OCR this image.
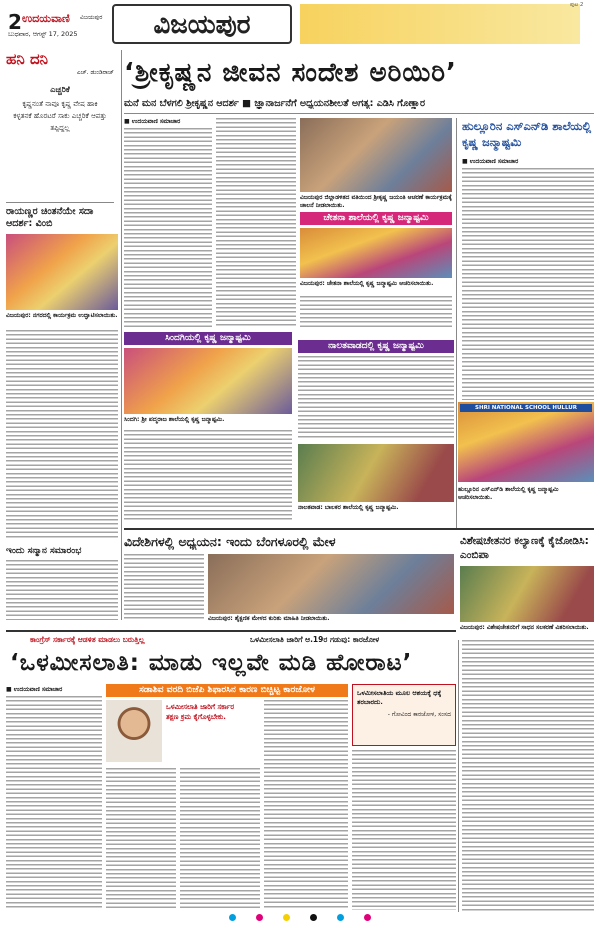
2 ಉದಯವಾಣಿ ವಿಜಯಪುರ
ಬುಧವಾರ, ಆಗಸ್ಟ್ 17, 2025	ವಿಜಯಪುರ
ಪುಟ 2
ಹನಿ ದನಿ
ಎಚ್. ಡುಂಡಿರಾಜ್
ಎಚ್ಚರಿಕೆ
ಕೃಷ್ಣನಂತೆ ನಾವೂ ಕೃಷ್ಣ ವೇಷ ಹಾಕಿ ಕಳ್ಳತನಕೆ ಹೊರಟರೆ ಸಾಕು ಎಚ್ಚರಿಕೆ ಆಪತ್ತು ತಪ್ಪಿದ್ದಲ್ಲ
ರಾಯಣ್ಣರ ಚಿಂತನೆಯೇ ಸದಾ ಆದರ್ಶ: ವಿಂಬಿ
ವಿಜಯಪುರ: ನಗರದಲ್ಲಿ ಕಾರ್ಯಕ್ರಮ ಉದ್ಘಾಟಿಸಲಾಯಿತು.
ಇಂದು ಸನ್ಮಾನ ಸಮಾರಂಭ
‘ಶ್ರೀಕೃಷ್ಣನ ಜೀವನ ಸಂದೇಶ ಅರಿಯಿರಿ’
ಮನೆ ಮನ ಬೆಳಗಲಿ ಶ್ರೀಕೃಷ್ಣನ ಆದರ್ಶ ■ ಜ್ಞಾನಾರ್ಜನೆಗೆ ಅಧ್ಯಯನಶೀಲತೆ ಅಗತ್ಯ: ಎಡಿಸಿ ಗೊಣ್ಣಾರ
■ ಉದಯವಾಣಿ ಸಮಾಚಾರ
ವಿಜಯಪುರ ಜಿಲ್ಲಾಡಳಿತದ ವತಿಯಿಂದ ಶ್ರೀಕೃಷ್ಣ ಜಯಂತಿ ಆಚರಣೆ ಕಾರ್ಯಕ್ರಮಕ್ಕೆ ಚಾಲನೆ ನೀಡಲಾಯಿತು.
ಚೇತನಾ ಶಾಲೆಯಲ್ಲಿ ಕೃಷ್ಣ ಜನ್ಮಾಷ್ಟಮಿ
ವಿಜಯಪುರ: ಚೇತನಾ ಶಾಲೆಯಲ್ಲಿ ಕೃಷ್ಣ ಜನ್ಮಾಷ್ಟಮಿ ಆಚರಿಸಲಾಯಿತು.
ಸಿಂದಗಿಯಲ್ಲಿ ಕೃಷ್ಣ ಜನ್ಮಾಷ್ಟಮಿ
ಸಿಂದಗಿ: ಶ್ರೀ ಪದ್ಮರಾಜ ಶಾಲೆಯಲ್ಲಿ ಕೃಷ್ಣ ಜನ್ಮಾಷ್ಟಮಿ.
ನಾಲತವಾಡದಲ್ಲಿ ಕೃಷ್ಣ ಜನ್ಮಾಷ್ಟಮಿ
ನಾಲತವಾಡ: ಬಾಲಕರ ಶಾಲೆಯಲ್ಲಿ ಕೃಷ್ಣ ಜನ್ಮಾಷ್ಟಮಿ.
ಹುಲ್ಲೂರಿನ ಎಸ್‌ಎನ್‌ಡಿ ಶಾಲೆಯಲ್ಲಿ ಕೃಷ್ಣ ಜನ್ಮಾಷ್ಟಮಿ
■ ಉದಯವಾಣಿ ಸಮಾಚಾರ
SHRI NATIONAL SCHOOL HULLUR
ಹುಲ್ಲೂರಿನ ಎಸ್‌ಎನ್‌ಡಿ ಶಾಲೆಯಲ್ಲಿ ಕೃಷ್ಣ ಜನ್ಮಾಷ್ಟಮಿ ಆಚರಿಸಲಾಯಿತು.
ವಿದೇಶಿಗಳಲ್ಲಿ ಅಧ್ಯಯನ: ಇಂದು ಬೆಂಗಳೂರಲ್ಲಿ ಮೇಳ
ವಿಜಯಪುರ: ಶೈಕ್ಷಣಿಕ ಮೇಳದ ಕುರಿತು ಮಾಹಿತಿ ನೀಡಲಾಯಿತು.
ವಿಶೇಷಚೇತನರ ಕಲ್ಯಾಣಕ್ಕೆ ಕೈಜೋಡಿಸಿ: ಎಂಬಿಪಾ
ವಿಜಯಪುರ: ವಿಶೇಷಚೇತನರಿಗೆ ಸಾಧನ ಸಲಕರಣೆ ವಿತರಿಸಲಾಯಿತು.
ಕಾಂಗ್ರೆಸ್ ಸರ್ಕಾರಕ್ಕೆ ಆಡಳಿತ ಮಾಡಲು ಬರುತ್ತಿಲ್ಲ	ಒಳಮೀಸಲಾತಿ ಜಾರಿಗೆ ಆ.19ರ ಗಡುವು: ಕಾರಜೋಳ
‘ಒಳಮೀಸಲಾತಿ: ಮಾಡು ಇಲ್ಲವೇ ಮಡಿ ಹೋರಾಟ’
■ ಉದಯವಾಣಿ ಸಮಾಚಾರ	ಸಡಾಶಿವ ವರದಿ ಬಿಜೆಪಿ ಶಿಫಾರಸಿನ ಕಾರಣ ಬಿಚ್ಚಿಟ್ಟ ಕಾರಜೋಳ
ಒಳಮೀಸಲಾತಿ ಜಾರಿಗೆ ಸರ್ಕಾರ ತಕ್ಷಣ ಕ್ರಮ ಕೈಗೊಳ್ಳಬೇಕು.
ಒಳಮೀಸಲಾತಿಯ ಮೂಲ ಆಶಯಕ್ಕೆ ಧಕ್ಕೆ ತರಬಾರದು.
- ಗೋವಿಂದ ಕಾರಜೋಳ, ಸಂಸದ
